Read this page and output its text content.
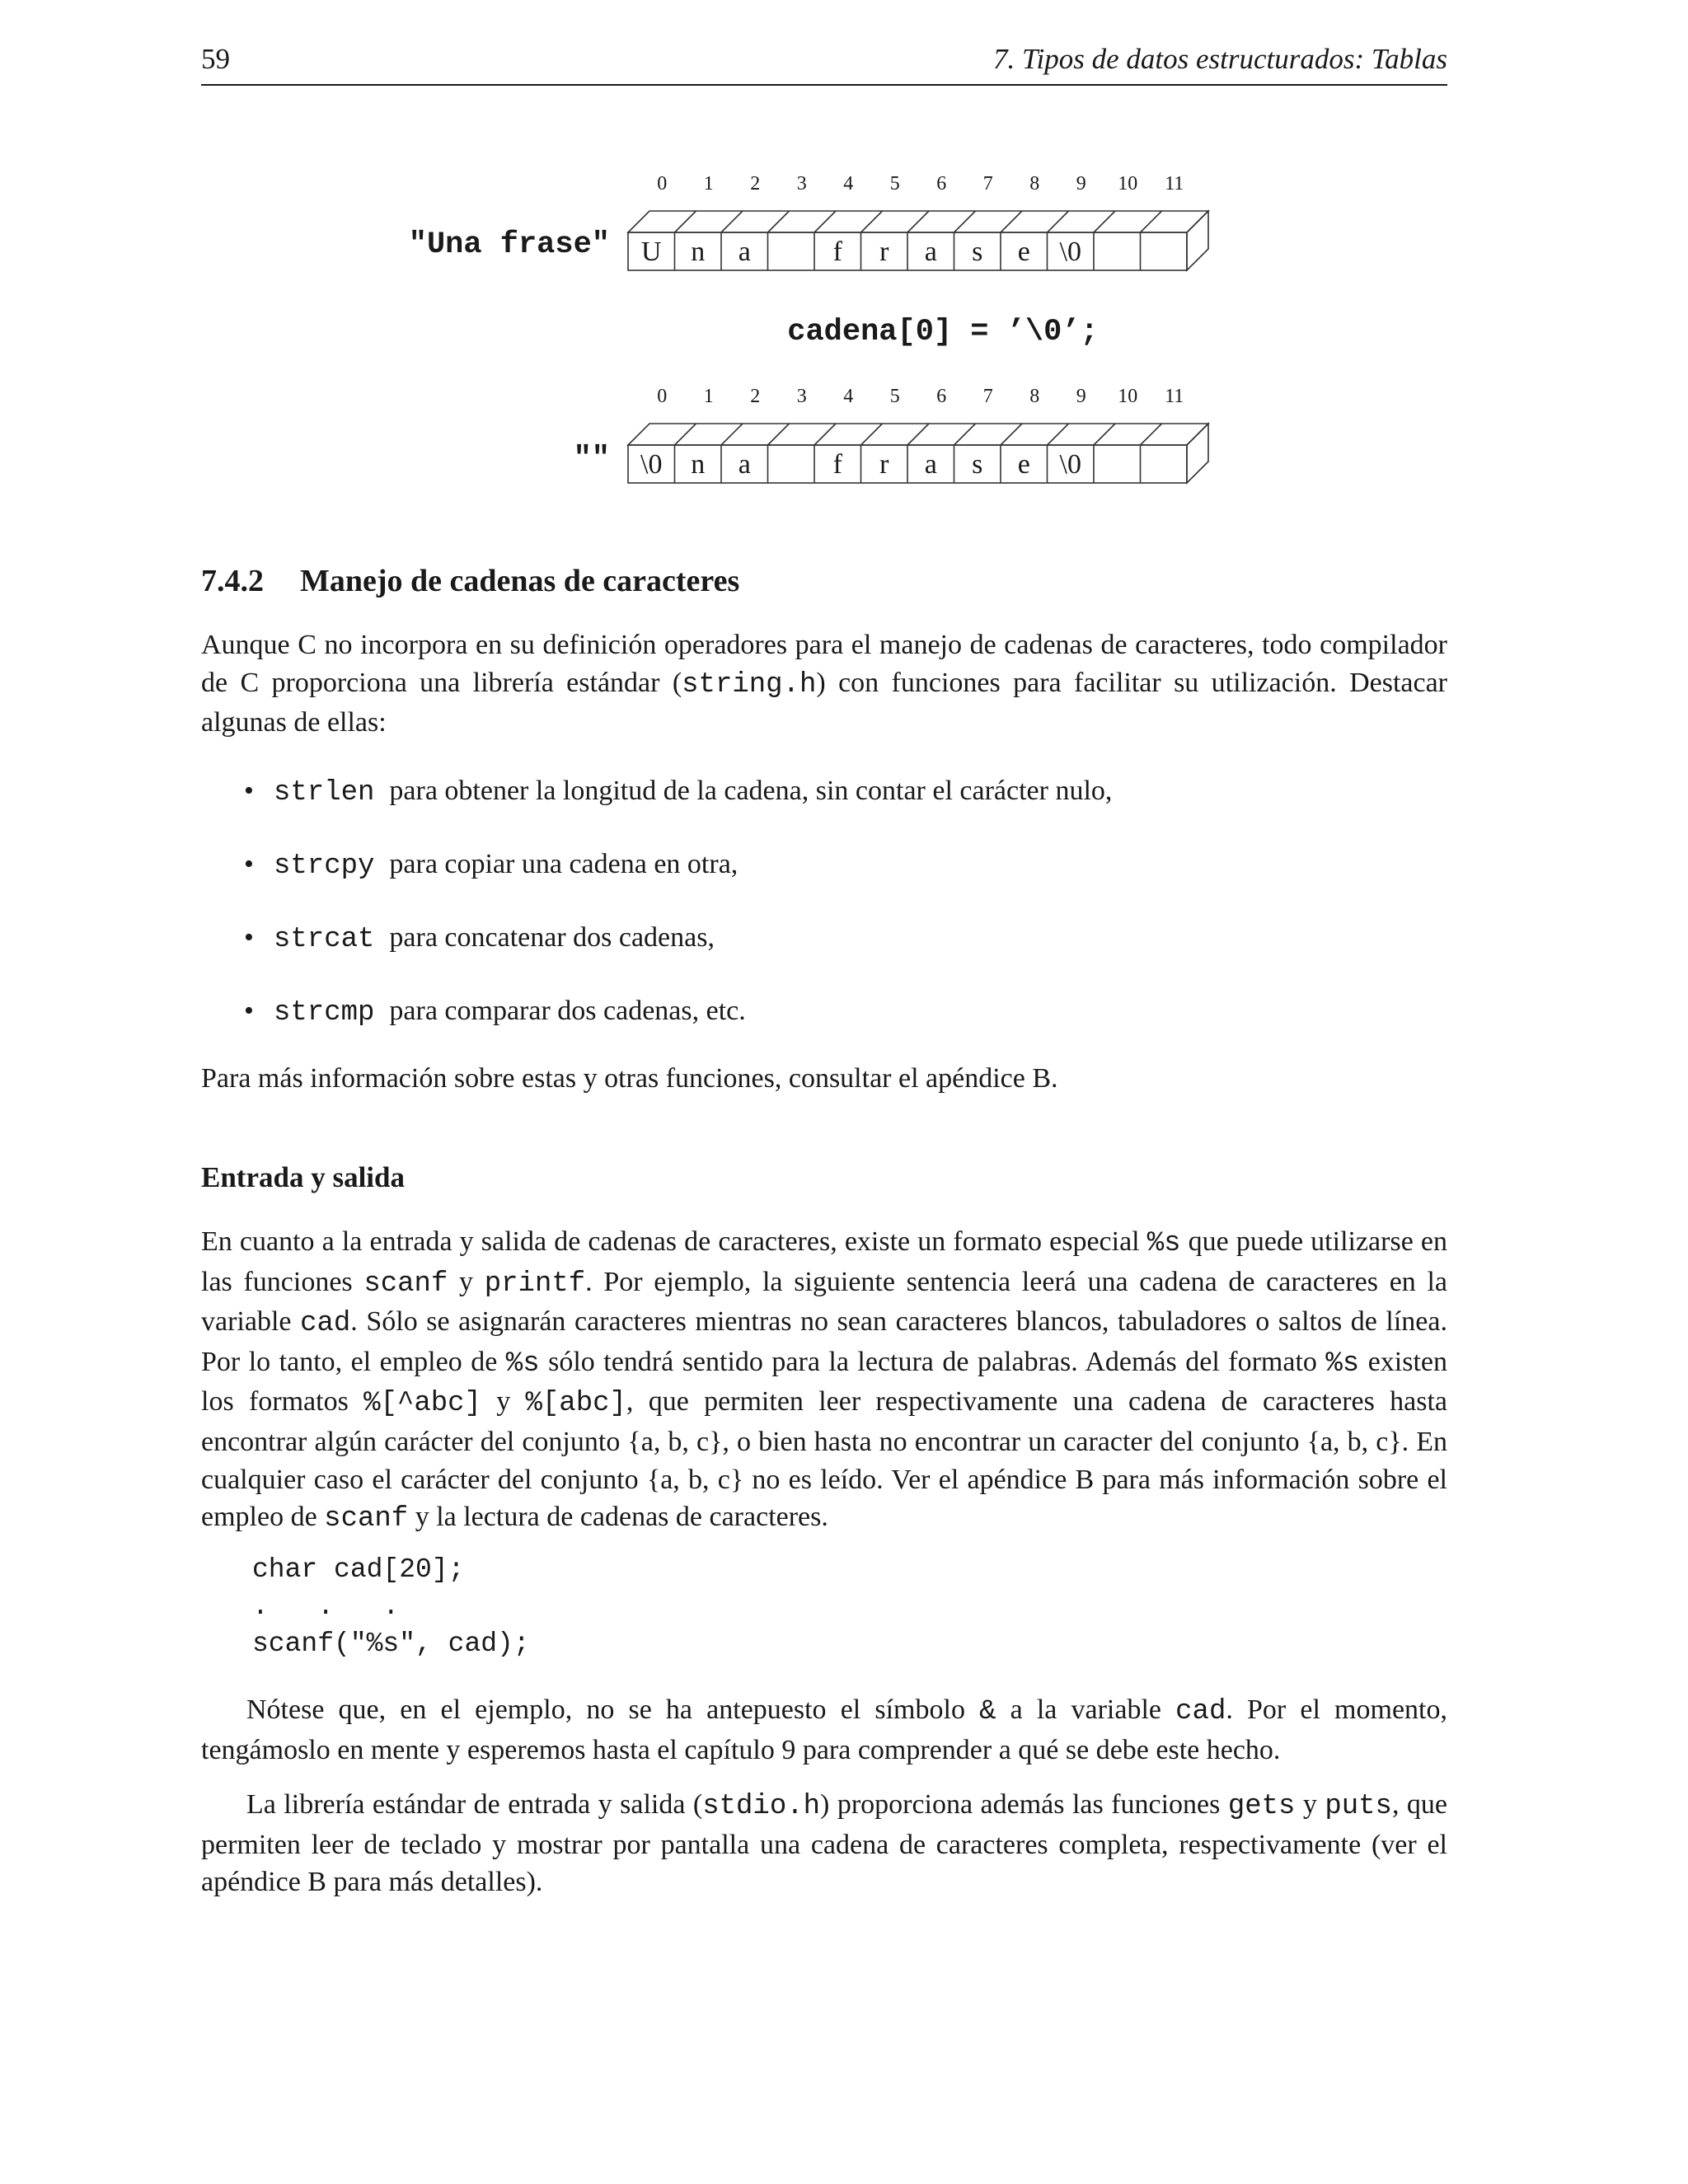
59	7. Tipos de datos estructurados: Tablas
"Una frase"
cadena[0] = ’\0’;
""
0
U
1
n
2
a
3 4
f
5
r
6
a
7
s
8
e
9
\0
10 11
0
\0
1
n
2
a
3 4
f
5
r
6
a
7
s
8
e
9
\0
10 11
7.4.2 Manejo de cadenas de caracteres

Aunque C no incorpora en su definición operadores para el manejo de cadenas de caracteres, todo compilador de C proporciona una librería estándar (string.h) con funciones para facilitar su utilización. Destacar algunas de ellas:

• strlen para obtener la longitud de la cadena, sin contar el carácter nulo,
• strcpy para copiar una cadena en otra,
• strcat para concatenar dos cadenas,
• strcmp para comparar dos cadenas, etc.

Para más información sobre estas y otras funciones, consultar el apéndice B.

Entrada y salida

En cuanto a la entrada y salida de cadenas de caracteres, existe un formato especial %s que puede utilizarse en las funciones scanf y printf. Por ejemplo, la siguiente sentencia leerá una cadena de caracteres en la variable cad. Sólo se asignarán caracteres mientras no sean caracteres blancos, tabuladores o saltos de línea. Por lo tanto, el empleo de %s sólo tendrá sentido para la lectura de palabras. Además del formato %s existen los formatos %[^abc] y %[abc], que permiten leer respectivamente una cadena de caracteres hasta encontrar algún carácter del conjunto {a, b, c}, o bien hasta no encontrar un caracter del conjunto {a, b, c}. En cualquier caso el carácter del conjunto {a, b, c} no es leído. Ver el apéndice B para más información sobre el empleo de scanf y la lectura de cadenas de caracteres.

char cad[20];
.   .   .
scanf("%s", cad);

Nótese que, en el ejemplo, no se ha antepuesto el símbolo & a la variable cad. Por el momento, tengámoslo en mente y esperemos hasta el capítulo 9 para comprender a qué se debe este hecho.

La librería estándar de entrada y salida (stdio.h) proporciona además las funciones gets y puts, que permiten leer de teclado y mostrar por pantalla una cadena de caracteres completa, respectivamente (ver el apéndice B para más detalles).
